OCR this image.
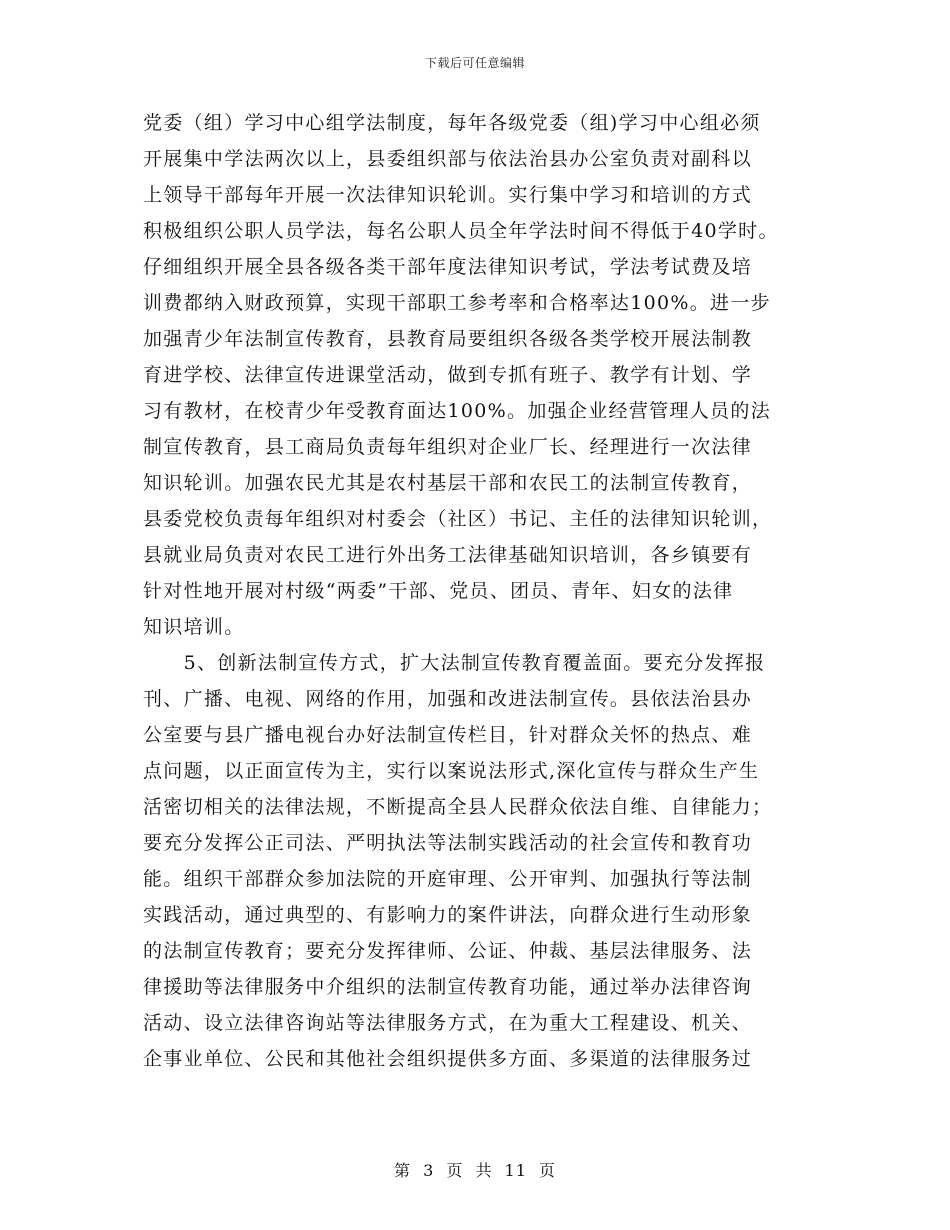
下载后可任意编辑
党委（组）学习中心组学法制度，每年各级党委（组)学习中心组必须
开展集中学法两次以上，县委组织部与依法治县办公室负责对副科以
上领导干部每年开展一次法律知识轮训。实行集中学习和培训的方式
积极组织公职人员学法，每名公职人员全年学法时间不得低于40学时。
仔细组织开展全县各级各类干部年度法律知识考试，学法考试费及培
训费都纳入财政预算，实现干部职工参考率和合格率达100%。进一步
加强青少年法制宣传教育，县教育局要组织各级各类学校开展法制教
育进学校、法律宣传进课堂活动，做到专抓有班子、教学有计划、学
习有教材，在校青少年受教育面达100%。加强企业经营管理人员的法
制宣传教育，县工商局负责每年组织对企业厂长、经理进行一次法律
知识轮训。加强农民尤其是农村基层干部和农民工的法制宣传教育，
县委党校负责每年组织对村委会（社区）书记、主任的法律知识轮训，
县就业局负责对农民工进行外出务工法律基础知识培训，各乡镇要有
针对性地开展对村级“两委”干部、党员、团员、青年、妇女的法律
知识培训。
　　5、创新法制宣传方式，扩大法制宣传教育覆盖面。要充分发挥报
刊、广播、电视、网络的作用，加强和改进法制宣传。县依法治县办
公室要与县广播电视台办好法制宣传栏目，针对群众关怀的热点、难
点问题，以正面宣传为主，实行以案说法形式,深化宣传与群众生产生
活密切相关的法律法规，不断提高全县人民群众依法自维、自律能力；
要充分发挥公正司法、严明执法等法制实践活动的社会宣传和教育功
能。组织干部群众参加法院的开庭审理、公开审判、加强执行等法制
实践活动，通过典型的、有影响力的案件讲法，向群众进行生动形象
的法制宣传教育；要充分发挥律师、公证、仲裁、基层法律服务、法
律援助等法律服务中介组织的法制宣传教育功能，通过举办法律咨询
活动、设立法律咨询站等法律服务方式，在为重大工程建设、机关、
企事业单位、公民和其他社会组织提供多方面、多渠道的法律服务过
第 3 页 共 11 页
